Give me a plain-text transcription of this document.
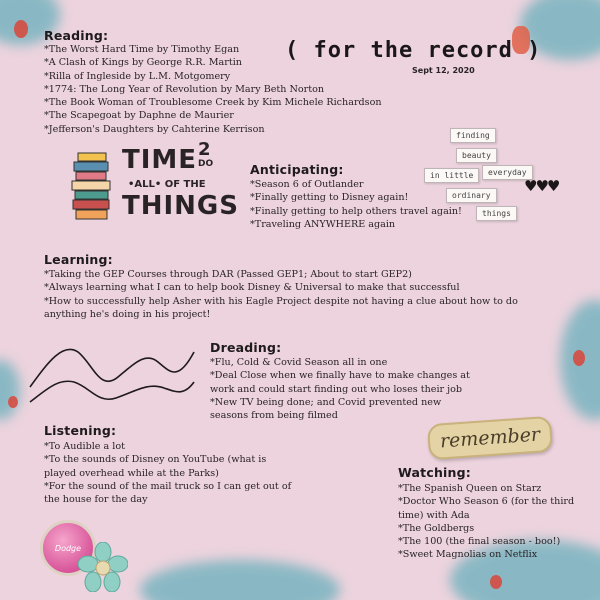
Reading:
*The Worst Hard Time by Timothy Egan
*A Clash of Kings by George R.R. Martin
*Rilla of Ingleside by L.M. Motgomery
*1774: The Long Year of Revolution by Mary Beth Norton
*The Book Woman of Troublesome Creek by Kim Michele Richardson
*The Scapegoat by Daphne de Maurier
*Jefferson's Daughters by Cahterine Kerrison
( for the record )
Sept 12, 2020
TIME 2
DO
•ALL• OF THE
THINGS
Anticipating:
*Season 6 of Outlander
*Finally getting to Disney again!
*Finally getting to help others travel again!
*Traveling ANYWHERE again
finding
beauty
in little	everyday
ordinary
things
♥♥♥
Learning:
*Taking the GEP Courses through DAR (Passed GEP1; About to start GEP2)
*Always learning what I can to help book Disney & Universal to make that successful
*How to successfully help Asher with his Eagle Project despite not having a clue about how to do anything he's doing in his project!
Dreading:
*Flu, Cold & Covid Season all in one
*Deal Close when we finally have to make changes at work and could start finding out who loses their job
*New TV being done; and Covid prevented new seasons from being filmed
remember
Listening:
*To Audible a lot
*To the sounds of Disney on YouTube (what is played overhead while at the Parks)
*For the sound of the mail truck so I can get out of the house for the day
Watching:
*The Spanish Queen on Starz
*Doctor Who Season 6 (for the third time) with Ada
*The Goldbergs
*The 100 (the final season - boo!)
*Sweet Magnolias on Netflix
Dodge
